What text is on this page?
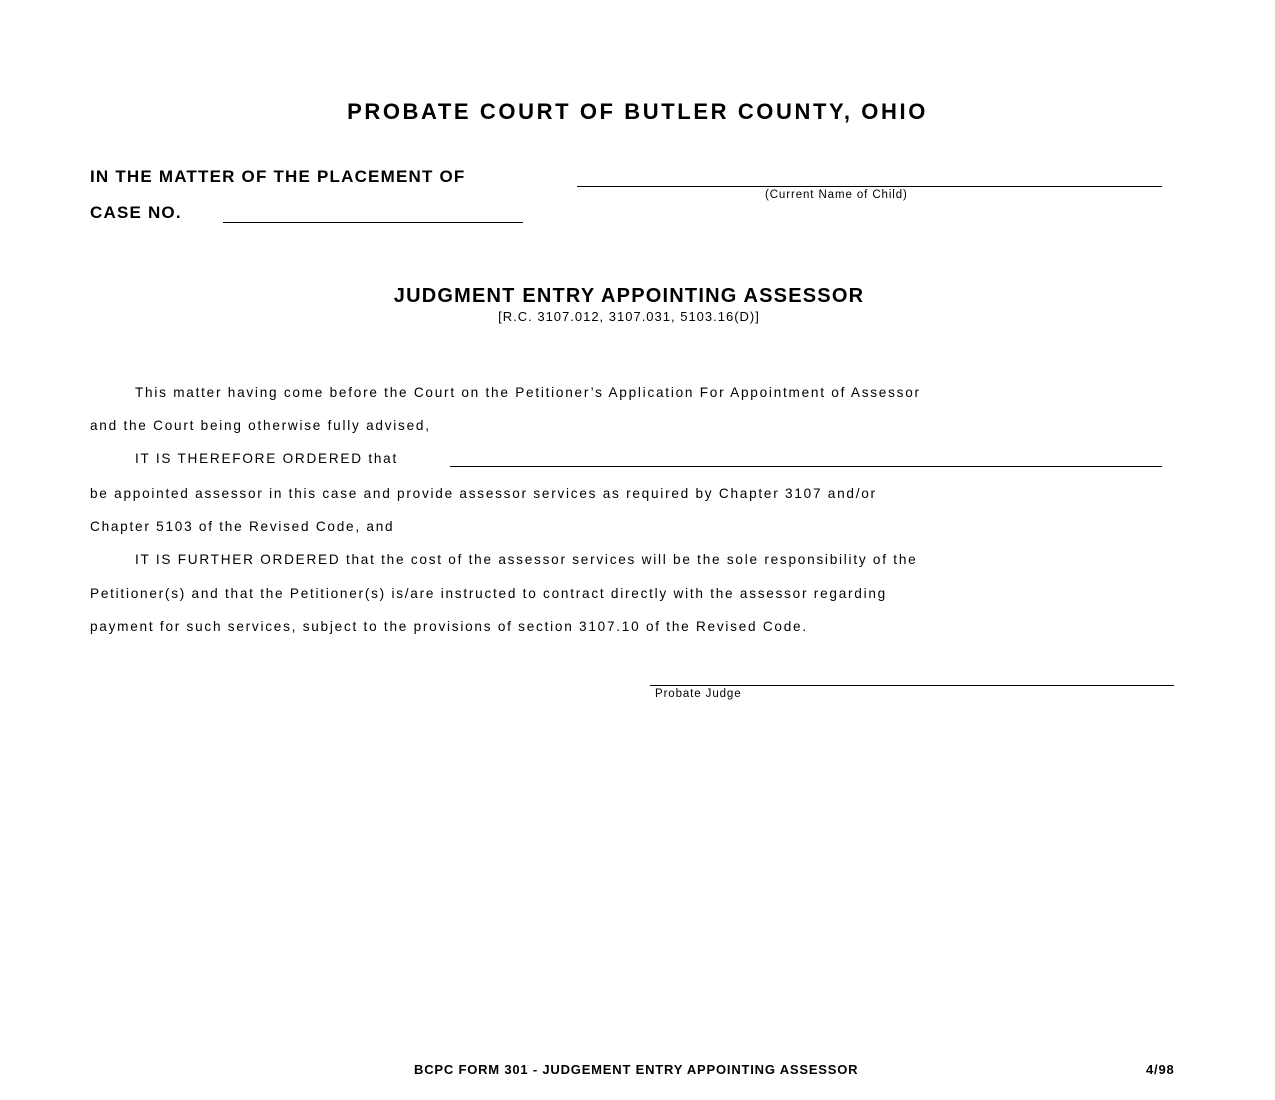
PROBATE COURT OF BUTLER COUNTY, OHIO
IN THE MATTER OF THE PLACEMENT OF
(Current Name of Child)
CASE NO.
JUDGMENT ENTRY APPOINTING ASSESSOR
[R.C. 3107.012, 3107.031, 5103.16(D)]
This matter having come before the Court on the Petitioner’s Application For Appointment of Assessor
and the Court being otherwise fully advised,
IT IS THEREFORE ORDERED that
be appointed assessor in this case and provide assessor services as required by Chapter 3107 and/or
Chapter 5103 of the Revised Code, and
IT IS FURTHER ORDERED that the cost of the assessor services will be the sole responsibility of the
Petitioner(s) and that the Petitioner(s) is/are instructed to contract directly with the assessor regarding
payment for such services, subject to the provisions of section 3107.10 of the Revised Code.
Probate Judge
BCPC FORM 301 - JUDGEMENT ENTRY APPOINTING ASSESSOR	4/98
